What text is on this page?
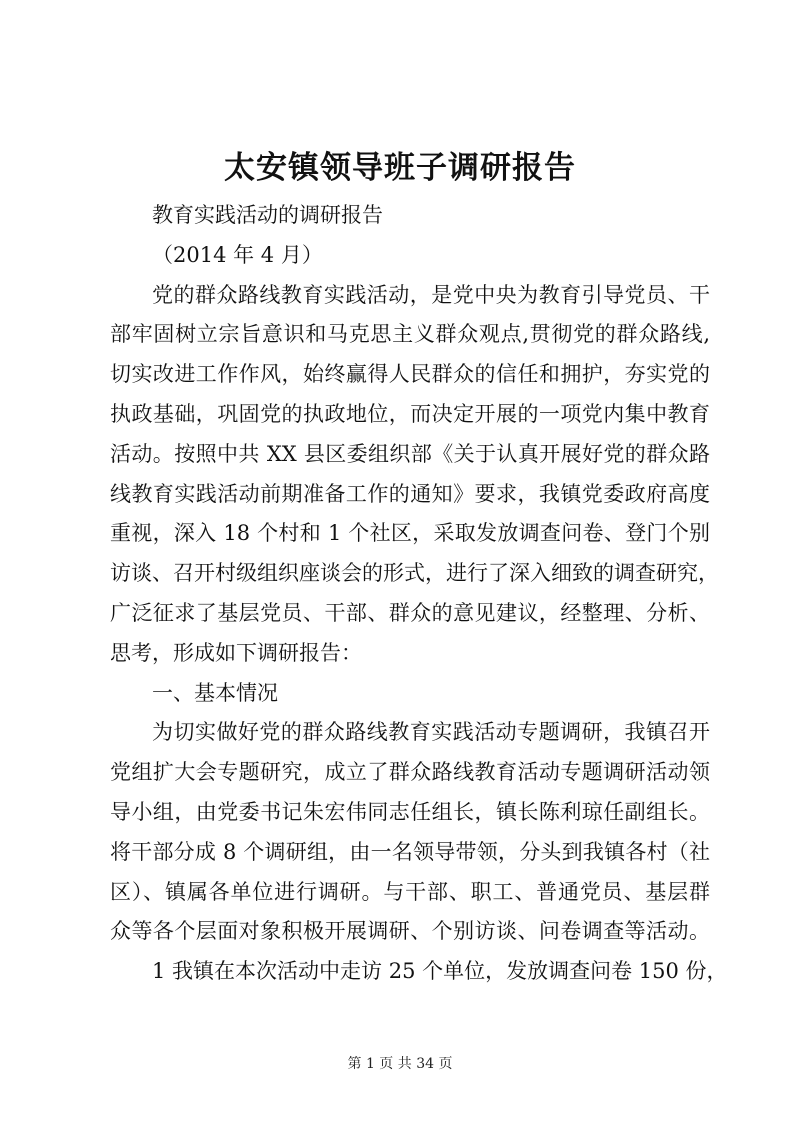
太安镇领导班子调研报告
教育实践活动的调研报告
（2014 年 4 月）
党的群众路线教育实践活动，是党中央为教育引导党员、干
部牢固树立宗旨意识和马克思主义群众观点,贯彻党的群众路线,
切实改进工作作风，始终赢得人民群众的信任和拥护，夯实党的
执政基础，巩固党的执政地位，而决定开展的一项党内集中教育
活动。按照中共 XX 县区委组织部《关于认真开展好党的群众路
线教育实践活动前期准备工作的通知》要求，我镇党委政府高度
重视，深入 18 个村和 1 个社区，采取发放调查问卷、登门个别
访谈、召开村级组织座谈会的形式，进行了深入细致的调查研究，
广泛征求了基层党员、干部、群众的意见建议，经整理、分析、
思考，形成如下调研报告：
一、基本情况
为切实做好党的群众路线教育实践活动专题调研，我镇召开
党组扩大会专题研究，成立了群众路线教育活动专题调研活动领
导小组，由党委书记朱宏伟同志任组长，镇长陈利琼任副组长。
将干部分成 8 个调研组，由一名领导带领，分头到我镇各村（社
区）、镇属各单位进行调研。与干部、职工、普通党员、基层群
众等各个层面对象积极开展调研、个别访谈、问卷调查等活动。
1 我镇在本次活动中走访 25 个单位，发放调查问卷 150 份，
第 1 页 共 34 页
